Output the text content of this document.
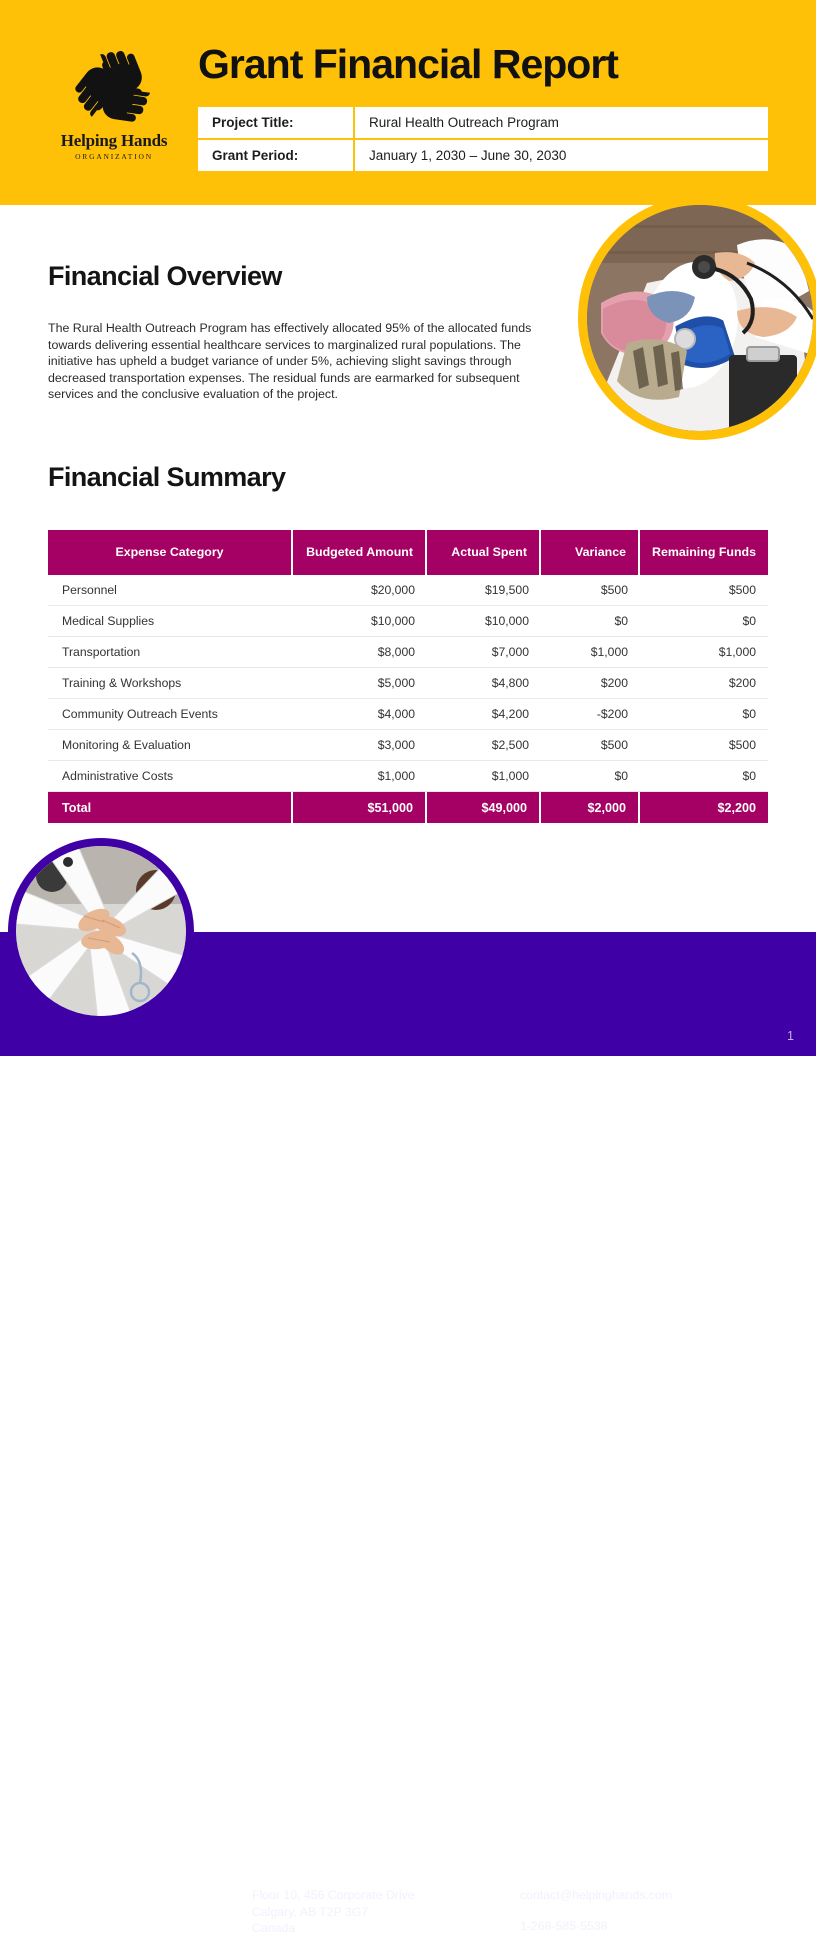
Helping Hands
ORGANIZATION
Grant Financial Report
Project Title:	Rural Health Outreach Program
Grant Period:	January 1, 2030 – June 30, 2030
Financial Overview
The Rural Health Outreach Program has effectively allocated 95% of the allocated funds towards delivering essential healthcare services to marginalized rural populations. The initiative has upheld a budget variance of under 5%, achieving slight savings through decreased transportation expenses. The residual funds are earmarked for subsequent services and the conclusive evaluation of the project.
Financial Summary
Expense Category	Budgeted Amount	Actual Spent	Variance	Remaining Funds
Personnel	$20,000	$19,500	$500	$500
Medical Supplies	$10,000	$10,000	$0	$0
Transportation	$8,000	$7,000	$1,000	$1,000
Training & Workshops	$5,000	$4,800	$200	$200
Community Outreach Events	$4,000	$4,200	-$200	$0
Monitoring & Evaluation	$3,000	$2,500	$500	$500
Administrative Costs	$1,000	$1,000	$0	$0
Total	$51,000	$49,000	$2,000	$2,200
Floor 10, 456 Corporate Drive
Calgary, AB T2P 3G7
Canada
contact@helpinghands.com
1-268-585-5538
1
